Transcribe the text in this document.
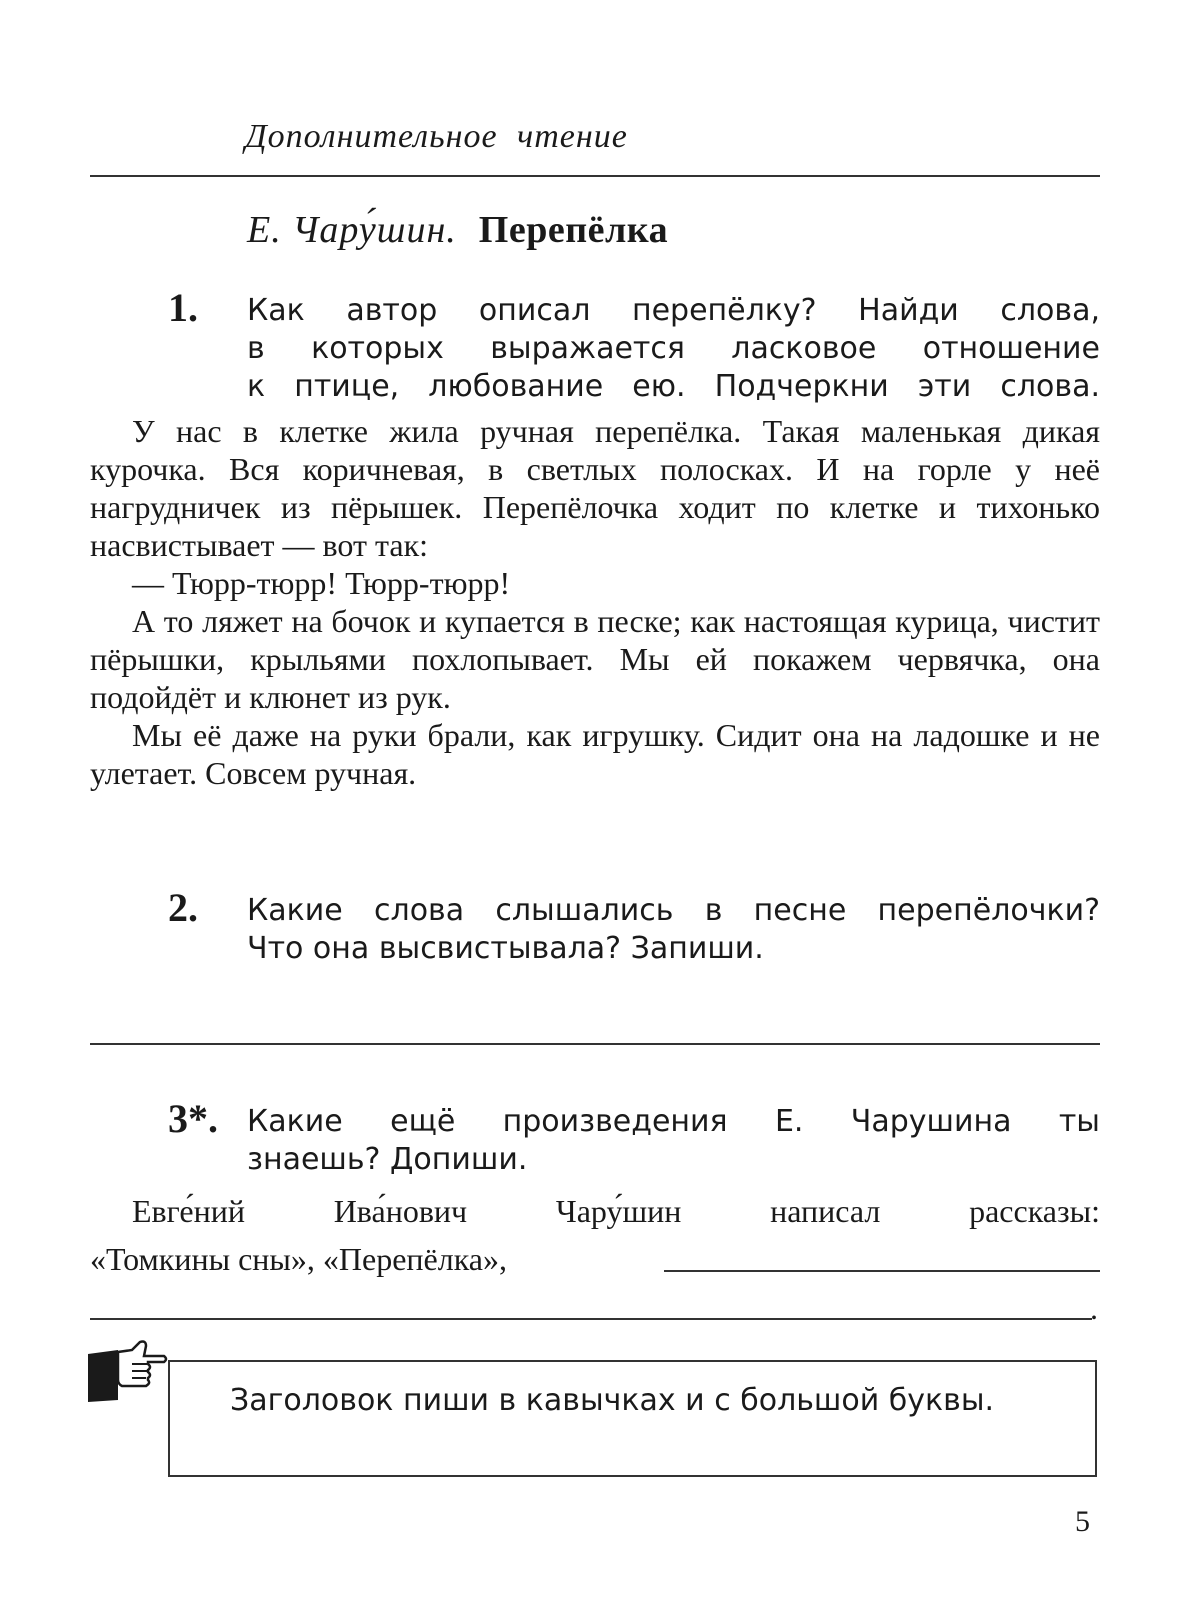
Дополнительное чтение
Е. Чару́шин. Перепёлка
1. Как автор описал перепёлку? Найди слова,
в которых выражается ласковое отношение
к птице, любование ею. Подчеркни эти слова.

У нас в клетке жила ручная перепёлка. Такая маленькая дикая курочка. Вся коричневая, в светлых полосках. И на горле у неё нагрудничек из пёрышек. Перепёлочка ходит по клетке и тихонько насвистывает — вот так:

— Тюрр-тюрр! Тюрр-тюрр!

А то ляжет на бочок и купается в песке; как настоящая курица, чистит пёрышки, крыльями похлопывает. Мы ей покажем червячка, она подойдёт и клюнет из рук.

Мы её даже на руки брали, как игрушку. Сидит она на ладошке и не улетает. Совсем ручная.

2. Какие слова слышались в песне перепёлочки?
Что она высвистывала? Запиши.
3*. Какие ещё произведения Е. Чарушина ты
знаешь? Допиши.
Евге́ний Ива́нович Чару́шин написал рассказы:
«Томкины сны», «Перепёлка»,
.
Заголовок пиши в кавычках и с большой буквы.
5
